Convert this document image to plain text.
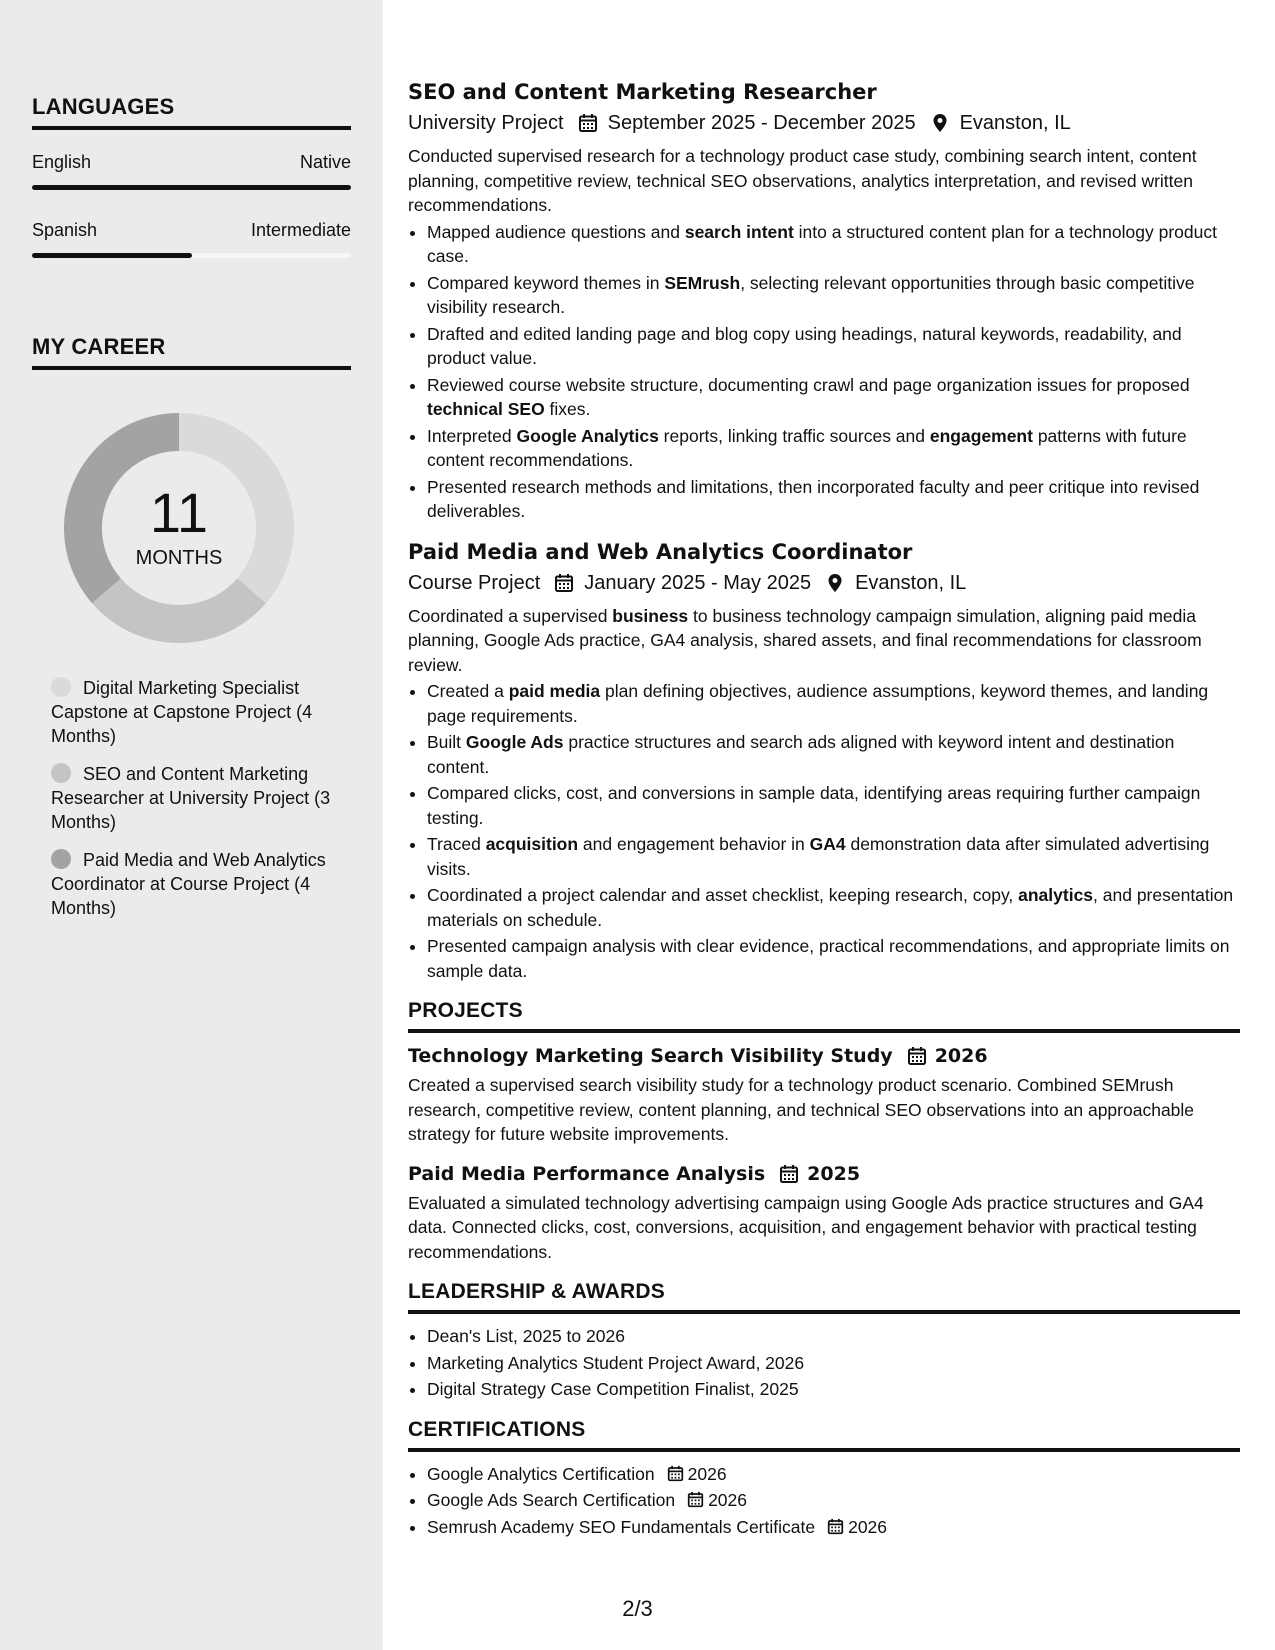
LANGUAGES
English	Native
Spanish	Intermediate
MY CAREER
11
MONTHS
Digital Marketing Specialist Capstone at Capstone Project (4 Months)
SEO and Content Marketing Researcher at University Project (3 Months)
Paid Media and Web Analytics Coordinator at Course Project (4 Months)
SEO and Content Marketing Researcher
University Project September 2025 - December 2025 Evanston, IL

Conducted supervised research for a technology product case study, combining search intent, content planning, competitive review, technical SEO observations, analytics interpretation, and revised written recommendations.

• Mapped audience questions and search intent into a structured content plan for a technology product case.
• Compared keyword themes in SEMrush, selecting relevant opportunities through basic competitive visibility research.
• Drafted and edited landing page and blog copy using headings, natural keywords, readability, and product value.
• Reviewed course website structure, documenting crawl and page organization issues for proposed technical SEO fixes.
• Interpreted Google Analytics reports, linking traffic sources and engagement patterns with future content recommendations.
• Presented research methods and limitations, then incorporated faculty and peer critique into revised deliverables.
Paid Media and Web Analytics Coordinator
Course Project January 2025 - May 2025 Evanston, IL

Coordinated a supervised business to business technology campaign simulation, aligning paid media planning, Google Ads practice, GA4 analysis, shared assets, and final recommendations for classroom review.

• Created a paid media plan defining objectives, audience assumptions, keyword themes, and landing page requirements.
• Built Google Ads practice structures and search ads aligned with keyword intent and destination content.
• Compared clicks, cost, and conversions in sample data, identifying areas requiring further campaign testing.
• Traced acquisition and engagement behavior in GA4 demonstration data after simulated advertising visits.
• Coordinated a project calendar and asset checklist, keeping research, copy, analytics, and presentation materials on schedule.
• Presented campaign analysis with clear evidence, practical recommendations, and appropriate limits on sample data.
PROJECTS
Technology Marketing Search Visibility Study 2026

Created a supervised search visibility study for a technology product scenario. Combined SEMrush research, competitive review, content planning, and technical SEO observations into an approachable strategy for future website improvements.

Paid Media Performance Analysis 2025

Evaluated a simulated technology advertising campaign using Google Ads practice structures and GA4 data. Connected clicks, cost, conversions, acquisition, and engagement behavior with practical testing recommendations.

LEADERSHIP & AWARDS
• Dean's List, 2025 to 2026
• Marketing Analytics Student Project Award, 2026
• Digital Strategy Case Competition Finalist, 2025
CERTIFICATIONS
• Google Analytics Certification 2026
• Google Ads Search Certification 2026
• Semrush Academy SEO Fundamentals Certificate 2026
2/3
